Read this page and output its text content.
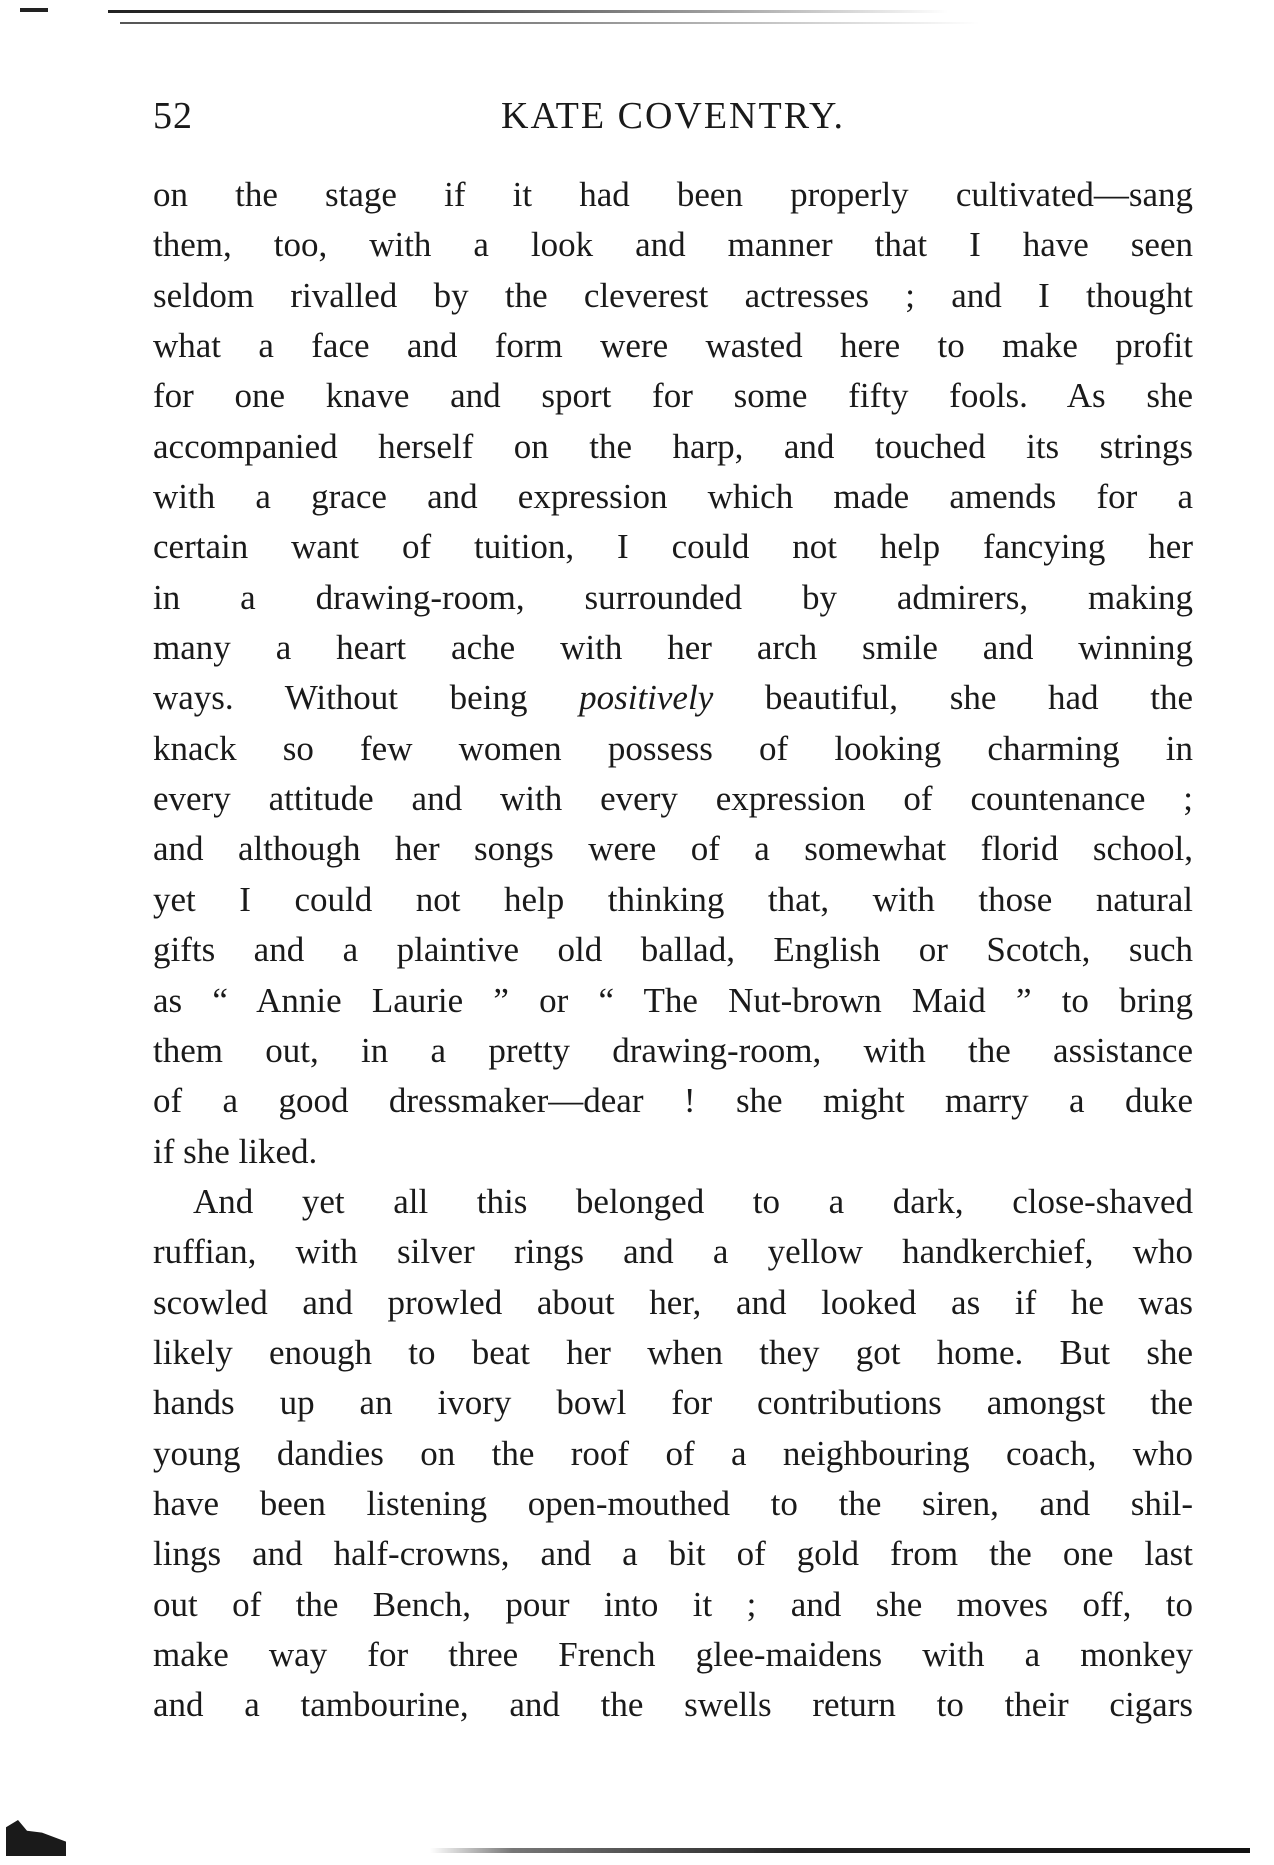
52	KATE COVENTRY.
on the stage if it had been properly cultivated—sang
them, too, with a look and manner that I have seen
seldom rivalled by the cleverest actresses ; and I thought
what a face and form were wasted here to make profit
for one knave and sport for some fifty fools. As she
accompanied herself on the harp, and touched its strings
with a grace and expression which made amends for a
certain want of tuition, I could not help fancying her
in a drawing-room, surrounded by admirers, making
many a heart ache with her arch smile and winning
ways. Without being positively beautiful, she had the
knack so few women possess of looking charming in
every attitude and with every expression of countenance ;
and although her songs were of a somewhat florid school,
yet I could not help thinking that, with those natural
gifts and a plaintive old ballad, English or Scotch, such
as “ Annie Laurie ” or “ The Nut-brown Maid ” to bring
them out, in a pretty drawing-room, with the assistance
of a good dressmaker—dear ! she might marry a duke
if she liked.
And yet all this belonged to a dark, close-shaved
ruffian, with silver rings and a yellow handkerchief, who
scowled and prowled about her, and looked as if he was
likely enough to beat her when they got home. But she
hands up an ivory bowl for contributions amongst the
young dandies on the roof of a neighbouring coach, who
have been listening open-mouthed to the siren, and shil-
lings and half-crowns, and a bit of gold from the one last
out of the Bench, pour into it ; and she moves off, to
make way for three French glee-maidens with a monkey
and a tambourine, and the swells return to their cigars
